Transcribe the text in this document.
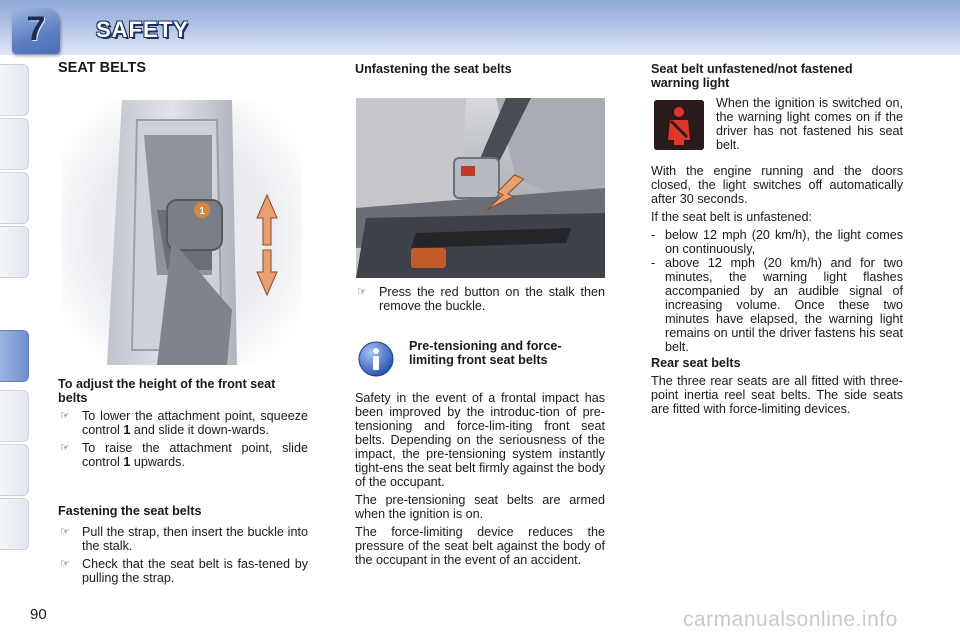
7	SAFETY
SEAT BELTS
1
To adjust the height of the front seat belts
☞ To lower the attachment point, squeeze control 1 and slide it down-wards.
☞ To raise the attachment point, slide control 1 upwards.
Fastening the seat belts
☞ Pull the strap, then insert the buckle into the stalk.
☞ Check that the seat belt is fas-tened by pulling the strap.
Unfastening the seat belts
☞ Press the red button on the stalk then remove the buckle.
Pre-tensioning and force-limiting front seat belts

Safety in the event of a frontal impact has been improved by the introduc-tion of pre-tensioning and force-lim-iting front seat belts. Depending on the seriousness of the impact, the pre-tensioning system instantly tight-ens the seat belt firmly against the body of the occupant.

The pre-tensioning seat belts are armed when the ignition is on.

The force-limiting device reduces the pressure of the seat belt against the body of the occupant in the event of an accident.

Seat belt unfastened/not fastened warning light

When the ignition is switched on, the warning light comes on if the driver has not fastened his seat belt.

With the engine running and the doors closed, the light switches off automatically after 30 seconds.

If the seat belt is unfastened:

- below 12 mph (20 km/h), the light comes on continuously,
- above 12 mph (20 km/h) and for two minutes, the warning light flashes accompanied by an audible signal of increasing volume. Once these two minutes have elapsed, the warning light remains on until the driver fastens his seat belt.
Rear seat belts

The three rear seats are all fitted with three-point inertia reel seat belts. The side seats are fitted with force-limiting devices.

90	carmanualsonline.info
